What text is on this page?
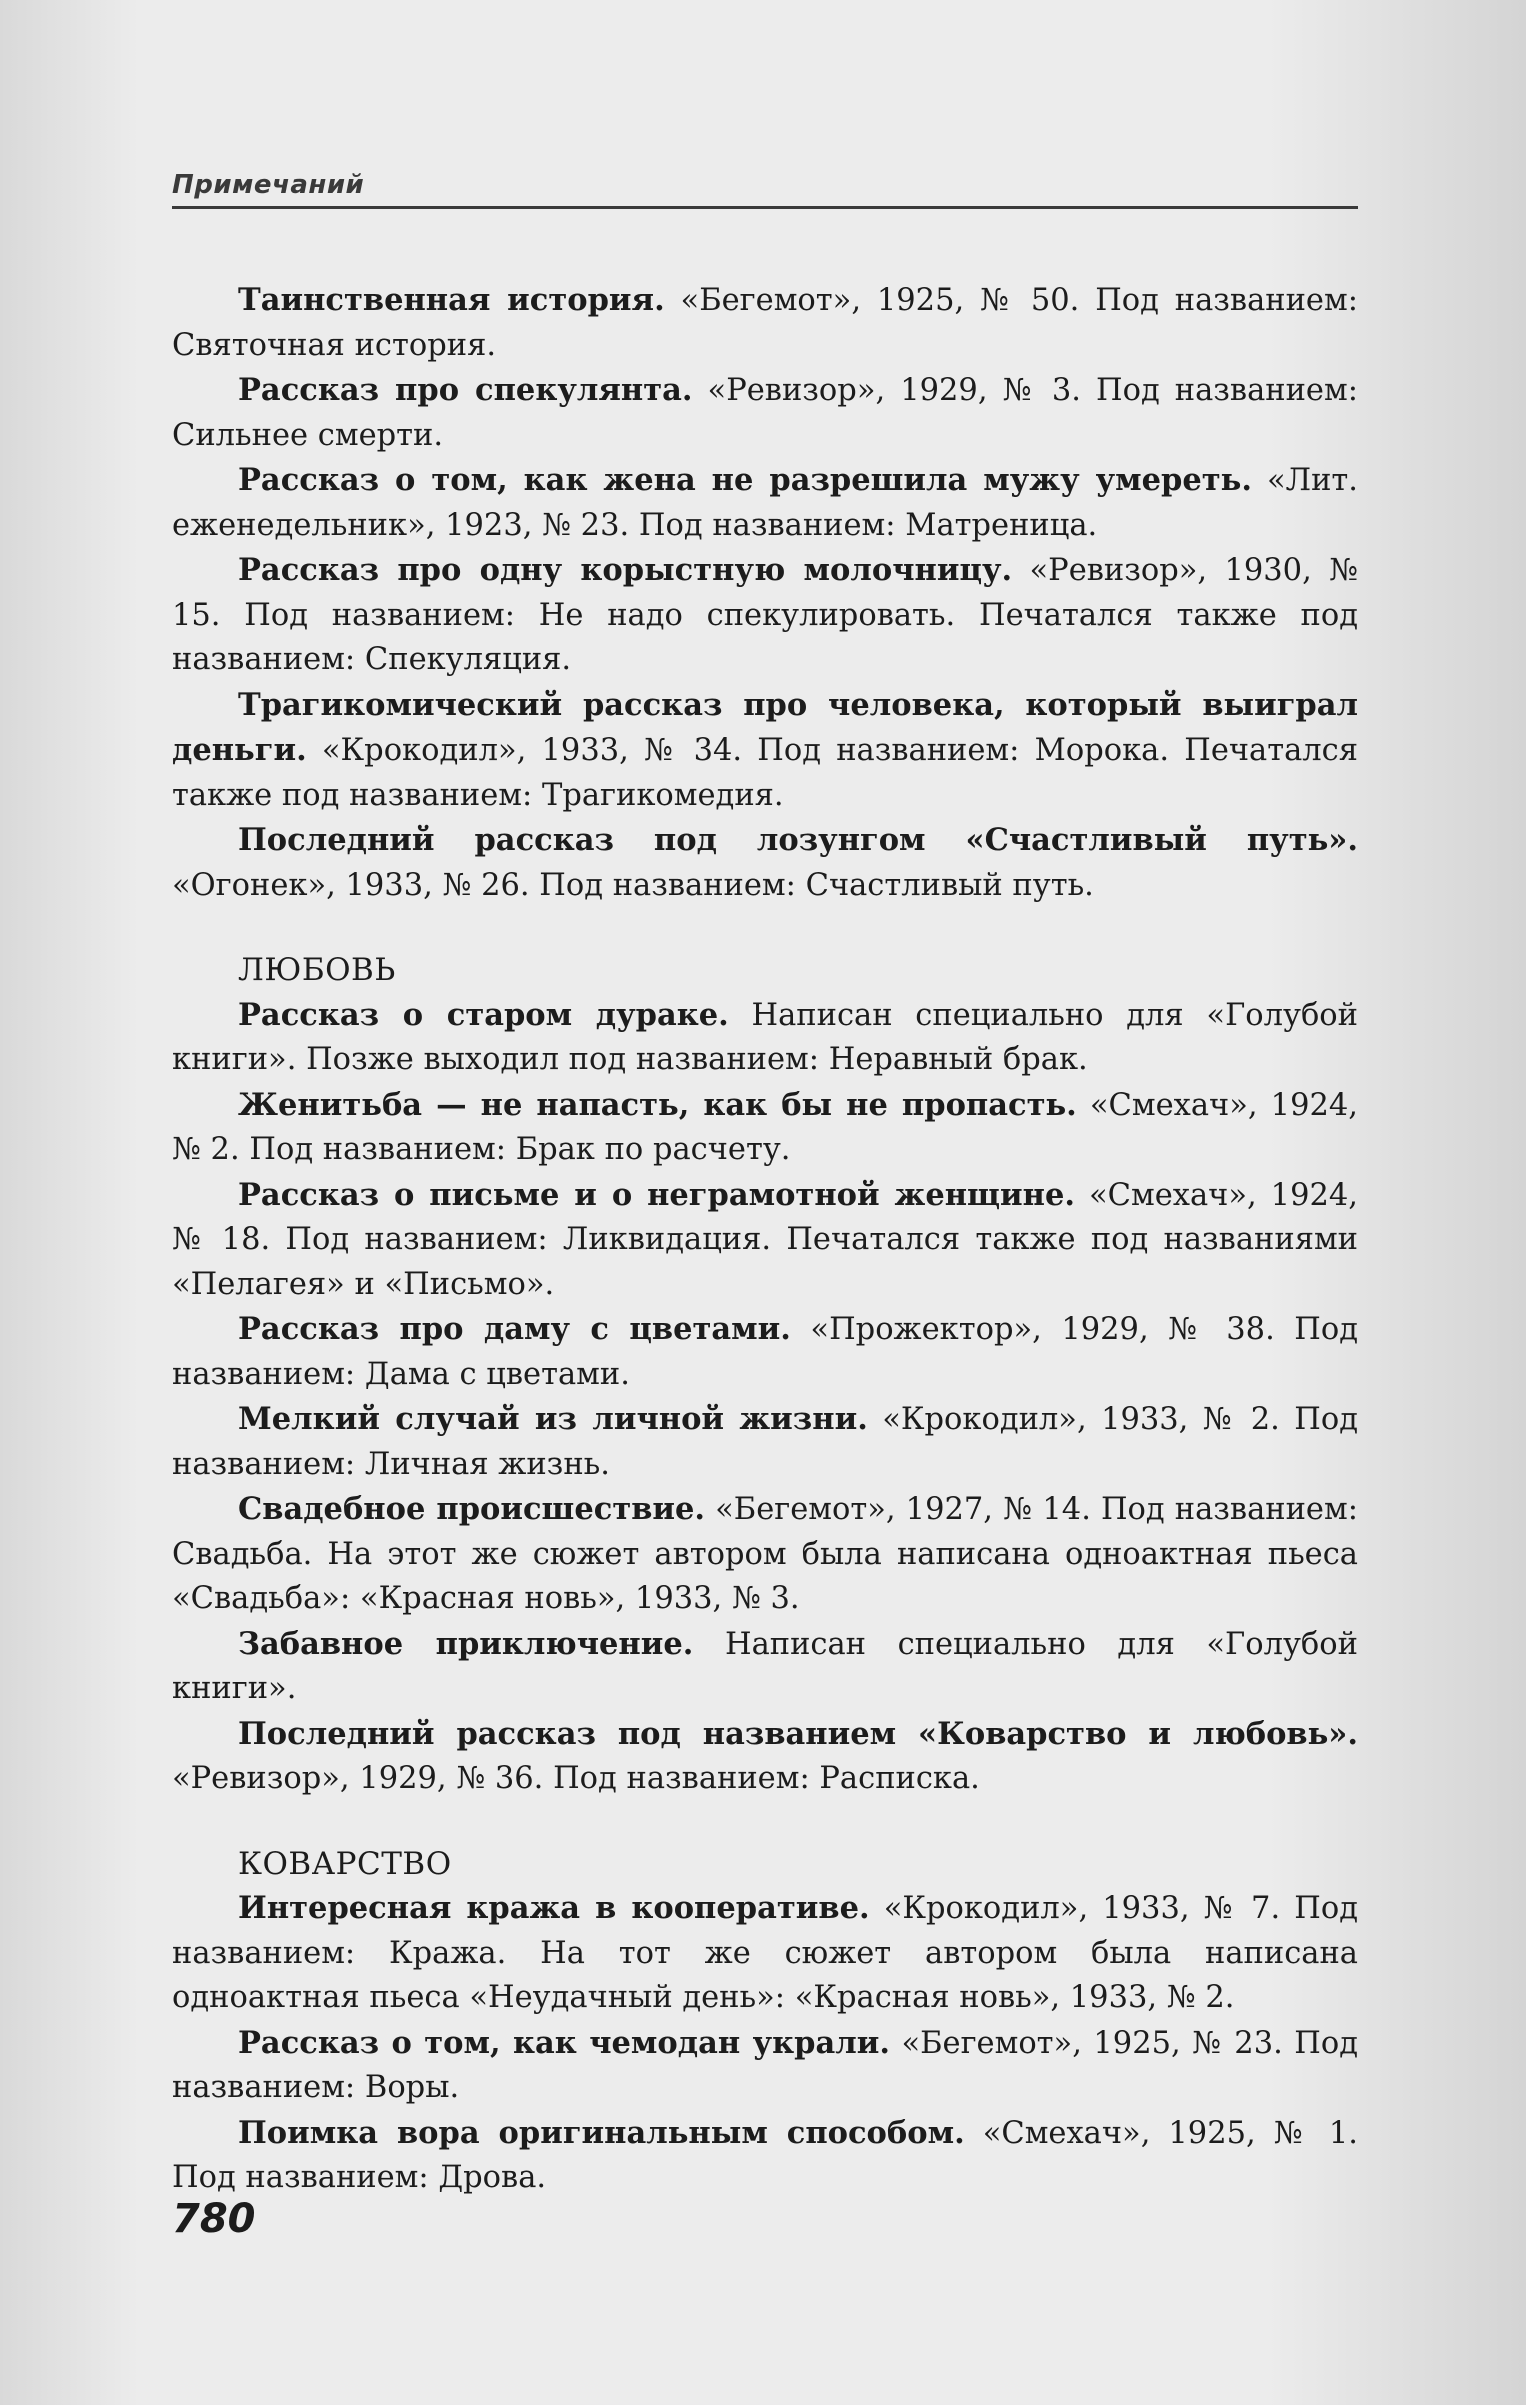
Примечаний

Таинственная история. «Бегемот», 1925, № 50. Под названием: Святочная история.

Рассказ про спекулянта. «Ревизор», 1929, № 3. Под названием: Сильнее смерти.

Рассказ о том, как жена не разрешила мужу умереть. «Лит. еженедельник», 1923, № 23. Под названием: Матреница.

Рассказ про одну корыстную молочницу. «Ревизор», 1930, № 15. Под названием: Не надо спекулировать. Печатался также под названием: Спекуляция.

Трагикомический рассказ про человека, который выиграл деньги. «Крокодил», 1933, № 34. Под названием: Морока. Печатался также под названием: Трагикомедия.

Последний рассказ под лозунгом «Счастливый путь». «Огонек», 1933, № 26. Под названием: Счастливый путь.

ЛЮБОВЬ

Рассказ о старом дураке. Написан специально для «Голубой книги». Позже выходил под названием: Неравный брак.

Женитьба — не напасть, как бы не пропасть. «Смехач», 1924, № 2. Под названием: Брак по расчету.

Рассказ о письме и о неграмотной женщине. «Смехач», 1924, № 18. Под названием: Ликвидация. Печатался также под названиями «Пелагея» и «Письмо».

Рассказ про даму с цветами. «Прожектор», 1929, № 38. Под названием: Дама с цветами.

Мелкий случай из личной жизни. «Крокодил», 1933, № 2. Под названием: Личная жизнь.

Свадебное происшествие. «Бегемот», 1927, № 14. Под названием: Свадьба. На этот же сюжет автором была написана одноактная пьеса «Свадьба»: «Красная новь», 1933, № 3.

Забавное приключение. Написан специально для «Голубой книги».

Последний рассказ под названием «Коварство и любовь». «Ревизор», 1929, № 36. Под названием: Расписка.

КОВАРСТВО

Интересная кража в кооперативе. «Крокодил», 1933, № 7. Под названием: Кража. На тот же сюжет автором была написана одноактная пьеса «Неудачный день»: «Красная новь», 1933, № 2.

Рассказ о том, как чемодан украли. «Бегемот», 1925, № 23. Под названием: Воры.

Поимка вора оригинальным способом. «Смехач», 1925, № 1. Под названием: Дрова.

780
